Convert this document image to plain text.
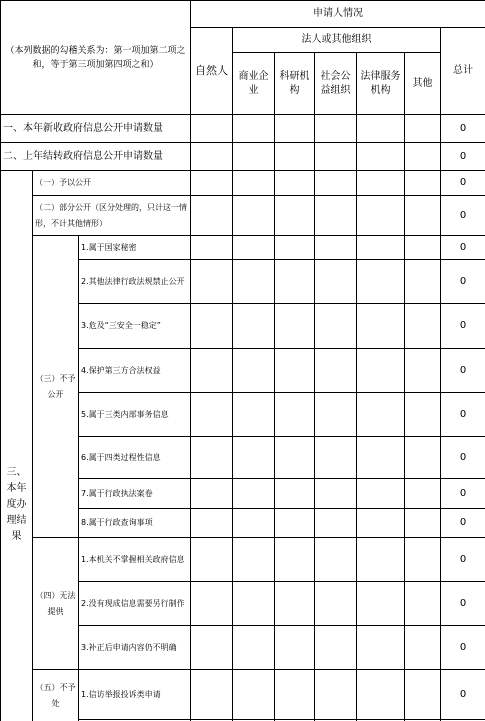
（本列数据的勾稽关系为：第一项加第二项之和，等于第三项加第四项之和）			申请人情况						
			自然人	法人或其他组织					总计
				商业企业	科研机构	社会公益组织	法律服务机构	其他	
一、本年新收政府信息公开申请数量									0
二、上年结转政府信息公开申请数量									0
三、本年度办理结果	（一）予以公开								0
	（二）部分公开（区分处理的，只计这一情形，不计其他情形）								0
	（三）不予公开	1.属于国家秘密							0
		2.其他法律行政法规禁止公开							0
		3.危及“三安全一稳定”							0
		4.保护第三方合法权益							0
		5.属于三类内部事务信息							0
		6.属于四类过程性信息							0
		7.属于行政执法案卷							0
		8.属于行政查询事项							0
	（四）无法提供	1.本机关不掌握相关政府信息							0
		2.没有现成信息需要另行制作							0
		3.补正后申请内容仍不明确							0
	（五）不予处	1.信访举报投诉类申请							0
